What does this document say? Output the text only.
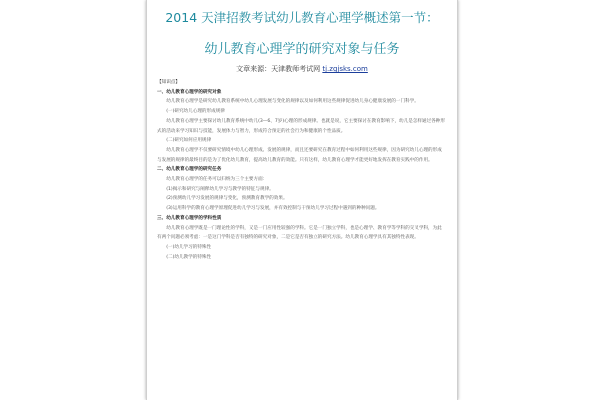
2014 天津招教考试幼儿教育心理学概述第一节：
幼儿教育心理学的研究对象与任务
文章来源：天津教师考试网 tj.zgjsks.com

【知识点】

一、幼儿教育心理学的研究对象

幼儿教育心理学是研究幼儿教育系统中幼儿心理发展与变化的规律以及如何利用这些规律促进幼儿身心健康发展的一门科学。

(一)研究幼儿心理的形成规律

幼儿教育心理学主要探讨幼儿教育系统中幼儿(3—6、7岁)心理的形成规律。也就是说，它主要探讨在教育影响下，幼儿是怎样通过各种形式的活动来学习知识与技能，发展体力与智力，形成符合预定的社会行为和健康的个性品质。

(二)研究如何应用规律

幼儿教育心理学不仅要研究情境中幼儿心理形成、发展的规律，而且还要研究在教育过程中如何利用这些规律，因为研究幼儿心理的形成与发展的规律的最终目的是为了优化幼儿教育，提高幼儿教育的效能。只有这样，幼儿教育心理学才能更好地发挥在教育实践中的作用。

二、幼儿教育心理学的研究任务

幼儿教育心理学的任务可以归纳为三个主要方面：

(1)揭示和研究与阐释幼儿学习与教学的特征与规律。

(2)预测幼儿学习发展的规律与变化，预测教育教学的效果。

(3)运用科学的教育心理学原理促进幼儿学习与发展，并有效控制与干预幼儿学习过程中遇到的种种问题。

三、幼儿教育心理学的学科性质

幼儿教育心理学既是一门理论性的学科，又是一门应用性较强的学科。它是一门独立学科，也是心理学、教育学等学科的交叉学科，为此有两个问题必须考虑：一是这门学科是否有独特的研究对象，二是它是否有独立的研究方法。幼儿教育心理学具有其独特性表现。

(一)幼儿学习的特殊性

(二)幼儿教学的特殊性
